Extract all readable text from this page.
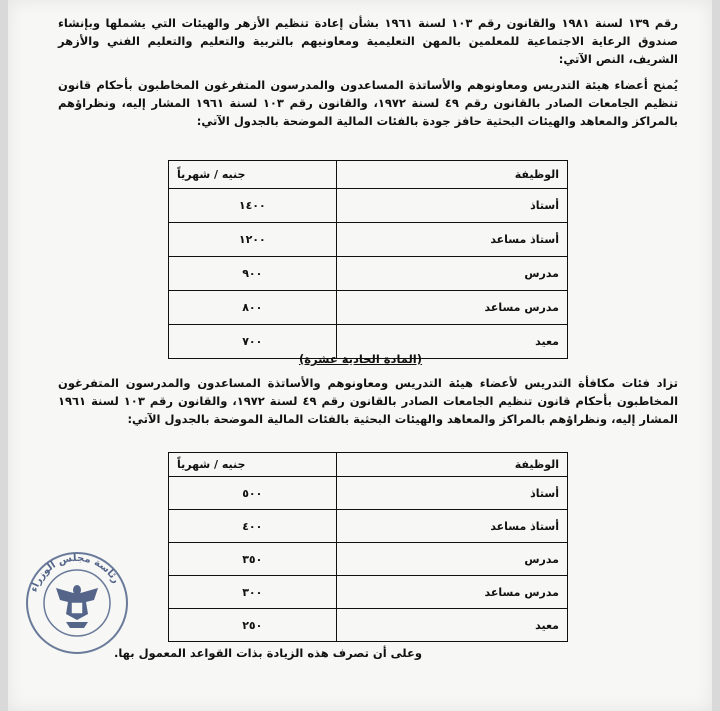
رقم ١٣٩ لسنة ١٩٨١ والقانون رقم ١٠٣ لسنة ١٩٦١ بشأن إعادة تنظيم الأزهر والهيئات التي يشملها وبإنشاء صندوق الرعاية الاجتماعية للمعلمين بالمهن التعليمية ومعاونيهم بالتربية والتعليم والتعليم الفني والأزهر الشريف، النص الآتي:
يُمنح أعضاء هيئة التدريس ومعاونوهم والأساتذة المساعدون والمدرسون المتفرغون المخاطبون بأحكام قانون تنظيم الجامعات الصادر بالقانون رقم ٤٩ لسنة ١٩٧٢، والقانون رقم ١٠٣ لسنة ١٩٦١ المشار إليه، ونظراؤهم بالمراكز والمعاهد والهيئات البحثية حافز جودة بالفئات المالية الموضحة بالجدول الآتي:
الوظيفة	جنيه / شهرياً
أستاذ	١٤٠٠
أستاذ مساعد	١٢٠٠
مدرس	٩٠٠
مدرس مساعد	٨٠٠
معيد	٧٠٠
(المادة الحادية عشرة)
تزاد فئات مكافأة التدريس لأعضاء هيئة التدريس ومعاونوهم والأساتذة المساعدون والمدرسون المتفرغون المخاطبون بأحكام قانون تنظيم الجامعات الصادر بالقانون رقم ٤٩ لسنة ١٩٧٢، والقانون رقم ١٠٣ لسنة ١٩٦١ المشار إليه، ونظراؤهم بالمراكز والمعاهد والهيئات البحثية بالفئات المالية الموضحة بالجدول الآتي:
الوظيفة	جنيه / شهرياً
أستاذ	٥٠٠
أستاذ مساعد	٤٠٠
مدرس	٣٥٠
مدرس مساعد	٣٠٠
معيد	٢٥٠
وعلى أن تصرف هذه الزيادة بذات القواعد المعمول بها.
رئاسة مجلس الوزراء
